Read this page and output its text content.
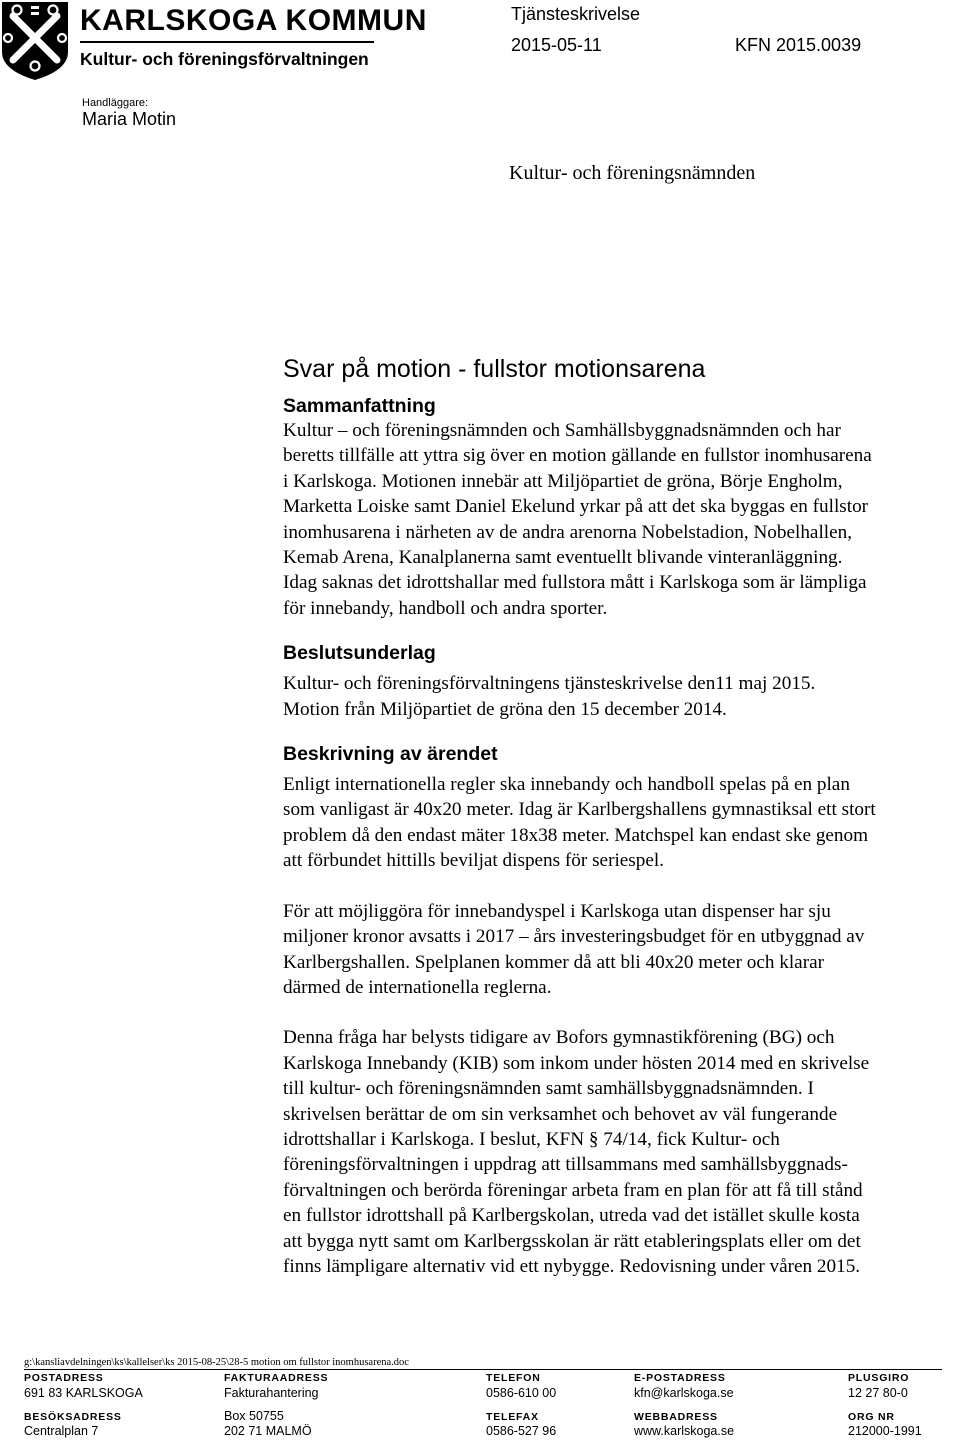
KARLSKOGA KOMMUN
Kultur- och föreningsförvaltningen
Tjänsteskrivelse
2015-05-11	KFN 2015.0039
Handläggare:
Maria Motin
Kultur- och föreningsnämnden
Svar på motion - fullstor motionsarena
Sammanfattning
Kultur – och föreningsnämnden och Samhällsbyggnadsnämnden och har
beretts tillfälle att yttra sig över en motion gällande en fullstor inomhusarena
i Karlskoga. Motionen innebär att Miljöpartiet de gröna, Börje Engholm,
Marketta Loiske samt Daniel Ekelund yrkar på att det ska byggas en fullstor
inomhusarena i närheten av de andra arenorna Nobelstadion, Nobelhallen,
Kemab Arena, Kanalplanerna samt eventuellt blivande vinteranläggning.
Idag saknas det idrottshallar med fullstora mått i Karlskoga som är lämpliga
för innebandy, handboll och andra sporter.
Beslutsunderlag
Kultur- och föreningsförvaltningens tjänsteskrivelse den11 maj 2015.
Motion från Miljöpartiet de gröna den 15 december 2014.
Beskrivning av ärendet
Enligt internationella regler ska innebandy och handboll spelas på en plan
som vanligast är 40x20 meter. Idag är Karlbergshallens gymnastiksal ett stort
problem då den endast mäter 18x38 meter. Matchspel kan endast ske genom
att förbundet hittills beviljat dispens för seriespel.
För att möjliggöra för innebandyspel i Karlskoga utan dispenser har sju
miljoner kronor avsatts i 2017 – års investeringsbudget för en utbyggnad av
Karlbergshallen. Spelplanen kommer då att bli 40x20 meter och klarar
därmed de internationella reglerna.
Denna fråga har belysts tidigare av Bofors gymnastikförening (BG) och
Karlskoga Innebandy (KIB) som inkom under hösten 2014 med en skrivelse
till kultur- och föreningsnämnden samt samhällsbyggnadsnämnden. I
skrivelsen berättar de om sin verksamhet och behovet av väl fungerande
idrottshallar i Karlskoga. I beslut, KFN § 74/14, fick Kultur- och
föreningsförvaltningen i uppdrag att tillsammans med samhällsbyggnads-
förvaltningen och berörda föreningar arbeta fram en plan för att få till stånd
en fullstor idrottshall på Karlbergskolan, utreda vad det istället skulle kosta
att bygga nytt samt om Karlbergsskolan är rätt etableringsplats eller om det
finns lämpligare alternativ vid ett nybygge. Redovisning under våren 2015.
g:\kansliavdelningen\ks\kallelser\ks 2015-08-25\28-5 motion om fullstor inomhusarena.doc
POSTADRESS
691 83 KARLSKOGA
BESÖKSADRESS
Centralplan 7
FAKTURAADRESS
Fakturahantering
Box 50755
202 71 MALMÖ
TELEFON
0586-610 00
TELEFAX
0586-527 96
E-POSTADRESS
kfn@karlskoga.se
WEBBADRESS
www.karlskoga.se
PLUSGIRO
12 27 80-0
ORG NR
212000-1991
